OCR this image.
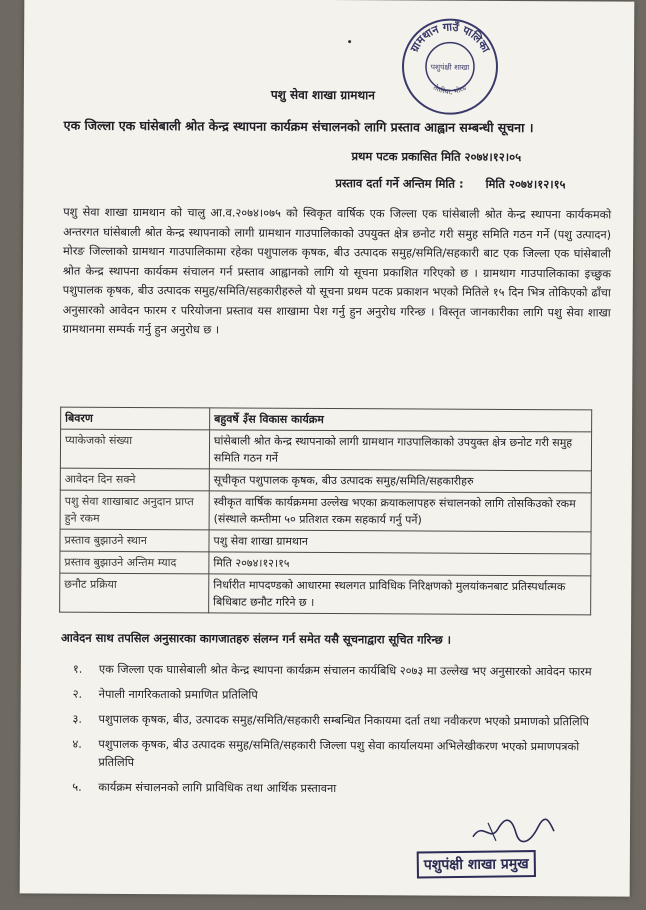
ग्रामथान गाउँ पालिका
तेतरिया, मोरङ
पशुपंक्षी शाखा
पशु सेवा शाखा ग्रामथान
एक जिल्ला एक घांसेबाली श्रोत केन्द्र स्थापना कार्यक्रम संचालनको लागि प्रस्ताव आह्वान सम्बन्धी सूचना ।
प्रथम पटक प्रकासित मिति २०७४।१२।०५
प्रस्ताव दर्ता गर्ने अन्तिम मिति : मिति २०७४।१२।१५
पशु सेवा शाखा ग्रामथान को चालु आ.व.२०७४।०७५ को स्विकृत वार्षिक एक जिल्ला एक घांसेबाली श्रोत केन्द्र स्थापना कार्यकमको अन्तरगत घांसेबाली श्रोत केन्द्र स्थापनाको लागी ग्रामथान गाउपालिकाको उपयुक्त क्षेत्र छनोट गरी समुह समिति गठन गर्ने (पशु उत्पादन) मोरङ जिल्लाको ग्रामथान गाउपालिकामा रहेका पशुपालक कृषक, बीउ उत्पादक समुह/समिति/सहकारी बाट एक जिल्ला एक घांसेबाली श्रोत केन्द्र स्थापना कार्यकम संचालन गर्न प्रस्ताव आह्वानको लागि यो सूचना प्रकाशित गरिएको छ । ग्रामथाग गाउपालिकाका इच्छुक पशुपालक कृषक, बीउ उत्पादक समुह/समिति/सहकारीहरुले यो सूचना प्रथम पटक प्रकाशन भएको मितिले १५ दिन भित्र तोकिएको ढाँचा अनुसारको आवेदन फारम र परियोजना प्रस्ताव यस शाखामा पेश गर्नु हुन अनुरोध गरिन्छ । विस्तृत जानकारीका लागि पशु सेवा शाखा ग्रामथानमा सम्पर्क गर्नु हुन अनुरोध छ ।
बिवरण	बहुवर्षे ३ँस विकास कार्यक्रम
प्याकेजको संख्या	घांसेबाली श्रोत केन्द्र स्थापनाको लागी ग्रामथान गाउपालिकाको उपयुक्त क्षेत्र छनोट गरी समुह समिति गठन गर्ने
आवेदन दिन सक्ने	सूचीकृत पशुपालक कृषक, बीउ उत्पादक समुह/समिति/सहकारीहरु
पशु सेवा शाखाबाट अनुदान प्राप्त हुने रकम	स्वीकृत वार्षिक कार्यक्रममा उल्लेख भएका क्रयाकलापहरु संचालनको लागि तोसकिउको रकम (संस्थाले कम्तीमा ५० प्रतिशत रकम सहकार्य गर्नु पर्ने)
प्रस्ताव बुझाउने स्थान	पशु सेवा शाखा ग्रामथान
प्रस्ताव बुझाउने अन्तिम म्याद	मिति २०७४।१२।१५
छनौट प्रक्रिया	निर्धारीत मापदण्डको आधारमा स्थलगत प्राविधिक निरिक्षणको मुलयांकनबाट प्रतिस्पर्धात्मक बिधिबाट छनौट गरिने छ ।
आवेदन साथ तपसिल अनुसारका कागजातहरु संलग्न गर्न समेत यसै सूचनाद्वारा सूचित गरिन्छ ।
१.	एक जिल्ला एक घाासेबाली श्रोत केन्द्र स्थापना कार्यक्रम संचालन कार्यबिधि २०७३ मा उल्लेख भए अनुसारको आवेदन फारम
२.	नेपाली नागरिकताको प्रमाणित प्रतिलिपि
३.	पशुपालक कृषक, बीउ, उत्पादक समुह/समिति/सहकारी सम्बन्धित निकायमा दर्ता तथा नवीकरण भएको प्रमाणको प्रतिलिपि
४.	पशुपालक कृषक, बीउ उत्पादक समुह/समिति/सहकारी जिल्ला पशु सेवा कार्यालयमा अभिलेखीकरण भएको प्रमाणपत्रको प्रतिलिपि
५.	कार्यक्रम संचालनको लागि प्राविधिक तथा आर्थिक प्रस्तावना
पशुपंक्षी शाखा प्रमुख
